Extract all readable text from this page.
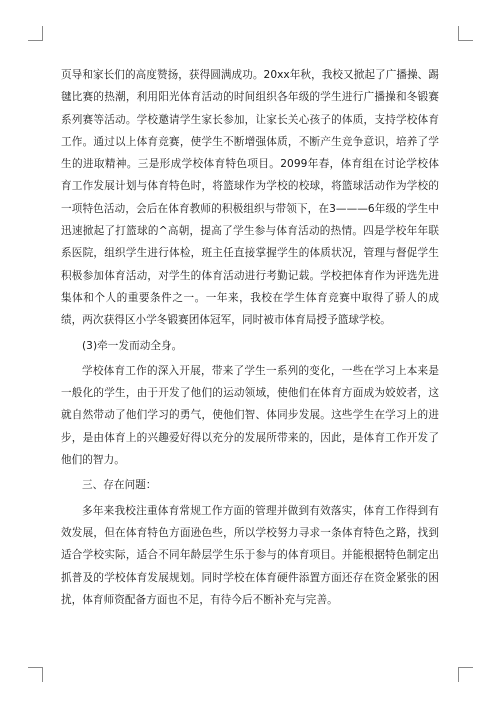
页导和家长们的高度赞扬，获得圆满成功。20xx年秋，我校又掀起了广播操、踢毽比赛的热潮，利用阳光体育活动的时间组织各年级的学生进行广播操和冬锻赛系列赛等活动。学校邀请学生家长参加，让家长关心孩子的体质，支持学校体育工作。通过以上体育竞赛，使学生不断增强体质，不断产生竞争意识，培养了学生的进取精神。三是形成学校体育特色项目。2099年春，体育组在讨论学校体育工作发展计划与体育特色时，将篮球作为学校的校球，将篮球活动作为学校的一项特色活动，会后在体育教师的积极组织与带领下，在3———6年级的学生中迅速掀起了打篮球的^高朝，提高了学生参与体育活动的热情。四是学校年年联系医院，组织学生进行体检，班主任直接掌握学生的体质状况，管理与督促学生积极参加体育活动，对学生的体育活动进行考勤记载。学校把体育作为评选先进集体和个人的重要条件之一。一年来，我校在学生体育竞赛中取得了骄人的成绩，两次获得区小学冬锻赛团体冠军，同时被市体育局授予篮球学校。

(3)牵一发而动全身。

学校体育工作的深入开展，带来了学生一系列的变化，一些在学习上本来是一般化的学生，由于开发了他们的运动领域，使他们在体育方面成为姣姣者，这就自然带动了他们学习的勇气，使他们智、体同步发展。这些学生在学习上的进步，是由体育上的兴趣爱好得以充分的发展所带来的，因此，是体育工作开发了他们的智力。

三、存在问题：

多年来我校注重体育常规工作方面的管理并做到有效落实，体育工作得到有效发展，但在体育特色方面逊色些，所以学校努力寻求一条体育特色之路，找到适合学校实际，适合不同年龄层学生乐于参与的体育项目。并能根据特色制定出抓普及的学校体育发展规划。同时学校在体育硬件添置方面还存在资金紧张的困扰，体育师资配备方面也不足，有待今后不断补充与完善。
